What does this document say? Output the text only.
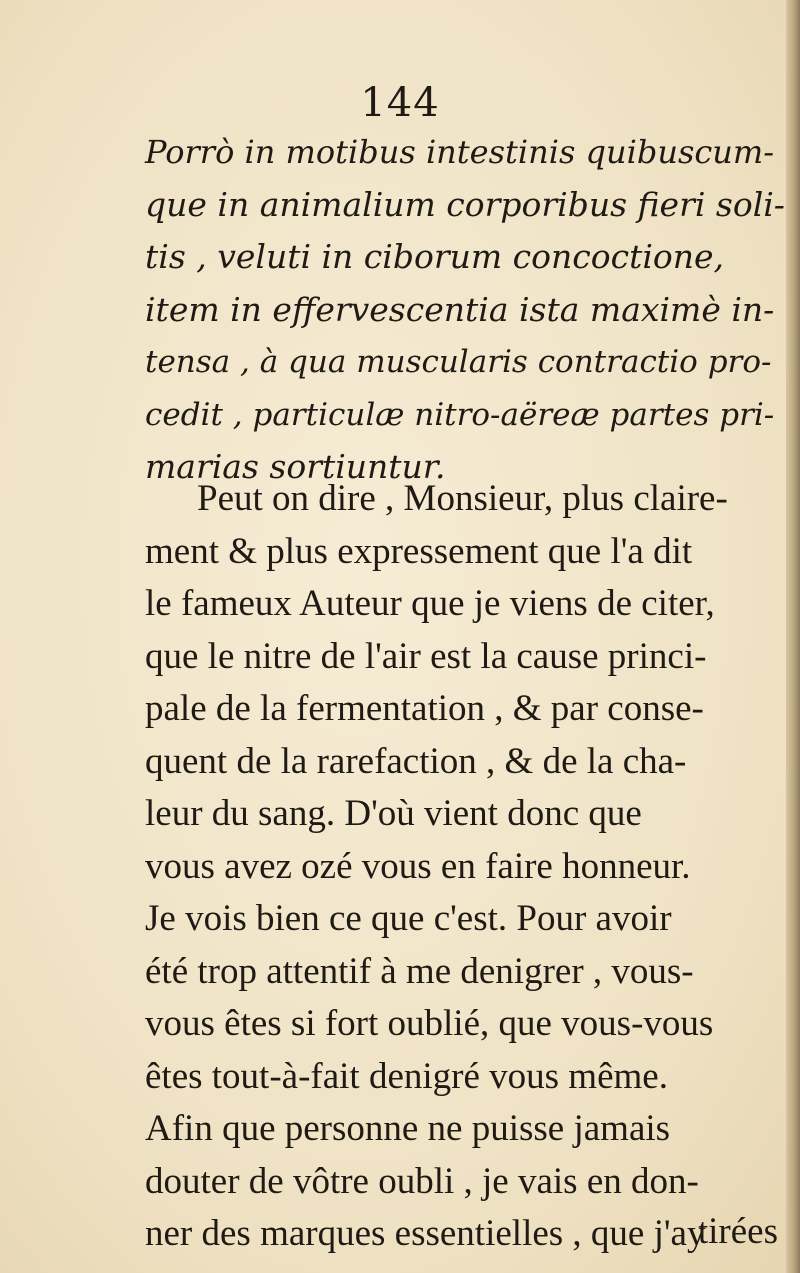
144
Porrò in motibus intestinis quibuscum-
que in animalium corporibus fieri soli-
tis , veluti in ciborum concoctione,
item in effervescentia ista maximè in-
tensa , à qua muscularis contractio pro-
cedit , particulæ nitro-aëreæ partes pri-
marias sortiuntur.
Peut on dire , Monsieur, plus claire-
ment & plus expressement que l'a dit
le fameux Auteur que je viens de citer,
que le nitre de l'air est la cause princi-
pale de la fermentation , & par conse-
quent de la rarefaction , & de la cha-
leur du sang. D'où vient donc que
vous avez ozé vous en faire honneur.
Je vois bien ce que c'est. Pour avoir
été trop attentif à me denigrer , vous-
vous êtes si fort oublié, que vous-vous
êtes tout-à-fait denigré vous même.
Afin que personne ne puisse jamais
douter de vôtre oubli , je vais en don-
ner des marques essentielles , que j'ay
tirées
